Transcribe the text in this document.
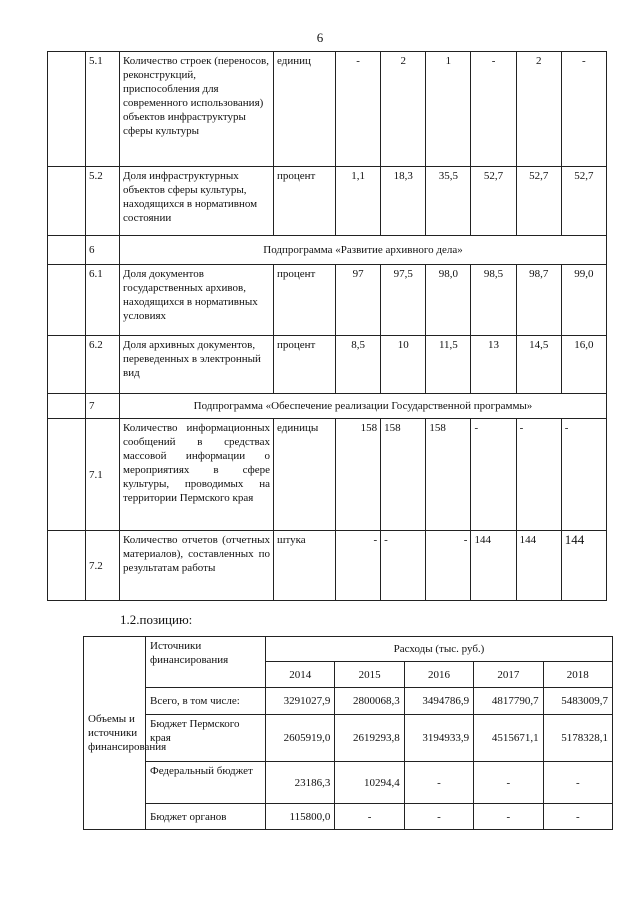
6
	5.1	Количество строек (переносов, реконструкций, приспособления для современного использования) объектов инфраструктуры сферы культуры	единиц	-	2	1	-	2	-
	5.2	Доля инфраструктурных объектов сферы культуры, находящихся в нормативном состоянии	процент	1,1	18,3	35,5	52,7	52,7	52,7
	6	Подпрограмма «Развитие архивного дела»							
	6.1	Доля документов государственных архивов, находящихся в нормативных условиях	процент	97	97,5	98,0	98,5	98,7	99,0
	6.2	Доля архивных документов, переведенных в электронный вид	процент	8,5	10	11,5	13	14,5	16,0
	7	Подпрограмма «Обеспечение реализации Государственной программы»							
	7.1	Количество информационных сообщений в средствах массовой информации о мероприятиях в сфере культуры, проводимых на территории Пермского края	единицы	158	158	158	-	-	-
	7.2	Количество отчетов (отчетных материалов), составленных по результатам работы	штука	-	-	-	144	144	144
1.2.позицию:
Объемы и источники финансирования	Источники финансирования	Расходы (тыс. руб.)				
		2014	2015	2016	2017	2018
	Всего, в том числе:	3291027,9	2800068,3	3494786,9	4817790,7	5483009,7
	Бюджет Пермского края	2605919,0	2619293,8	3194933,9	4515671,1	5178328,1
	Федеральный бюджет	23186,3	10294,4	-	-	-
	Бюджет органов	115800,0	-	-	-	-
